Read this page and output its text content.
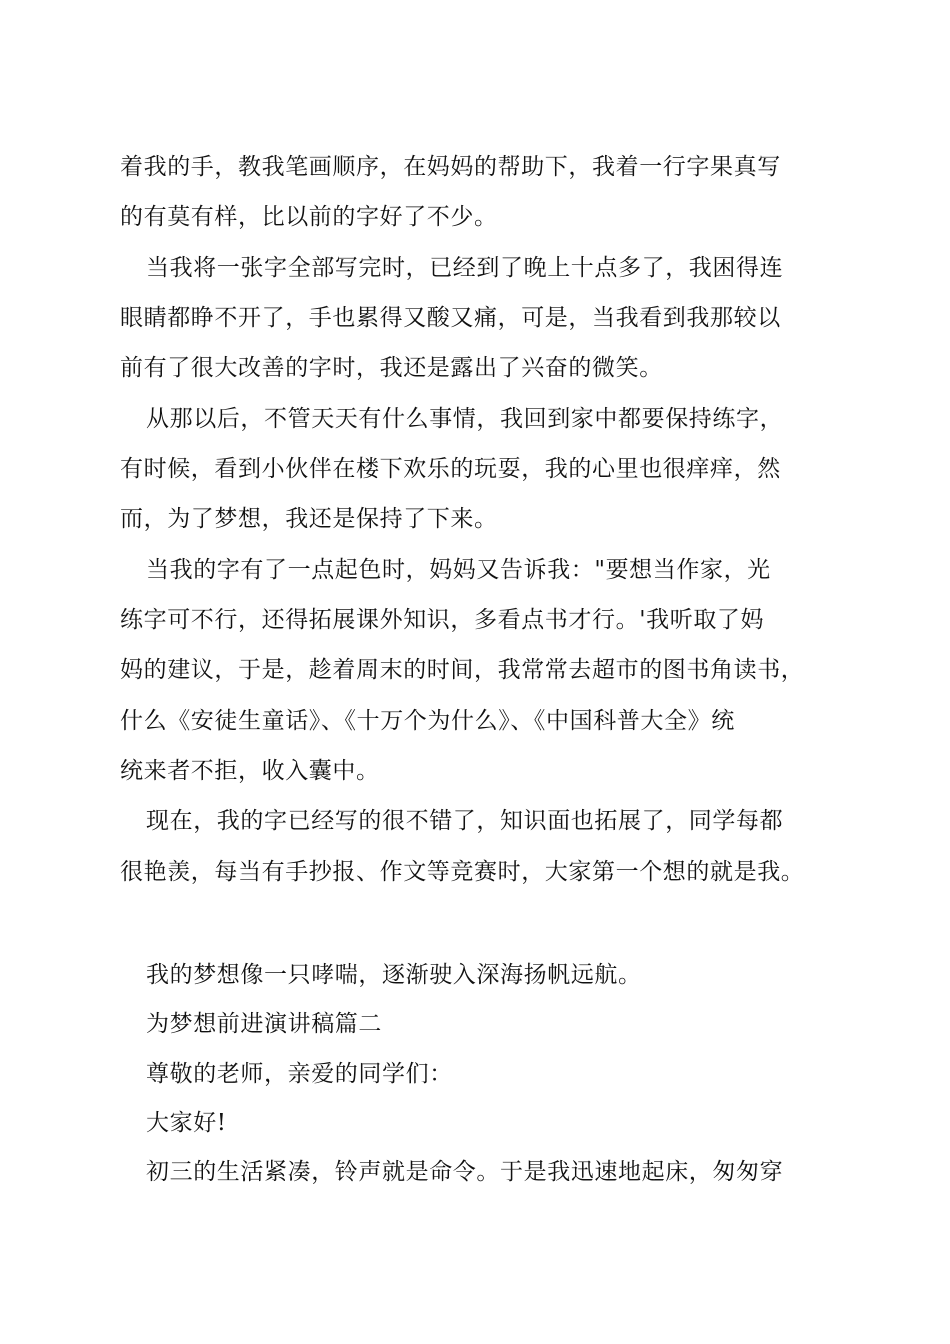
着我的手，教我笔画顺序，在妈妈的帮助下，我着一行字果真写
的有莫有样，比以前的字好了不少。
当我将一张字全部写完时，已经到了晚上十点多了，我困得连
眼睛都睁不开了，手也累得又酸又痛，可是，当我看到我那较以
前有了很大改善的字时，我还是露出了兴奋的微笑。
从那以后，不管天天有什么事情，我回到家中都要保持练字，
有时候，看到小伙伴在楼下欢乐的玩耍，我的心里也很痒痒，然
而，为了梦想，我还是保持了下来。
当我的字有了一点起色时，妈妈又告诉我："要想当作家，光
练字可不行，还得拓展课外知识，多看点书才行。'我听取了妈
妈的建议，于是，趁着周末的时间，我常常去超市的图书角读书，
什么《安徒生童话》、《十万个为什么》、《中国科普大全》统
统来者不拒，收入囊中。
现在，我的字已经写的很不错了，知识面也拓展了，同学每都
很艳羡，每当有手抄报、作文等竞赛时，大家第一个想的就是我。
我的梦想像一只哮喘，逐渐驶入深海扬帆远航。
为梦想前进演讲稿篇二
尊敬的老师，亲爱的同学们：
大家好!
初三的生活紧凑，铃声就是命令。于是我迅速地起床，匆匆穿
